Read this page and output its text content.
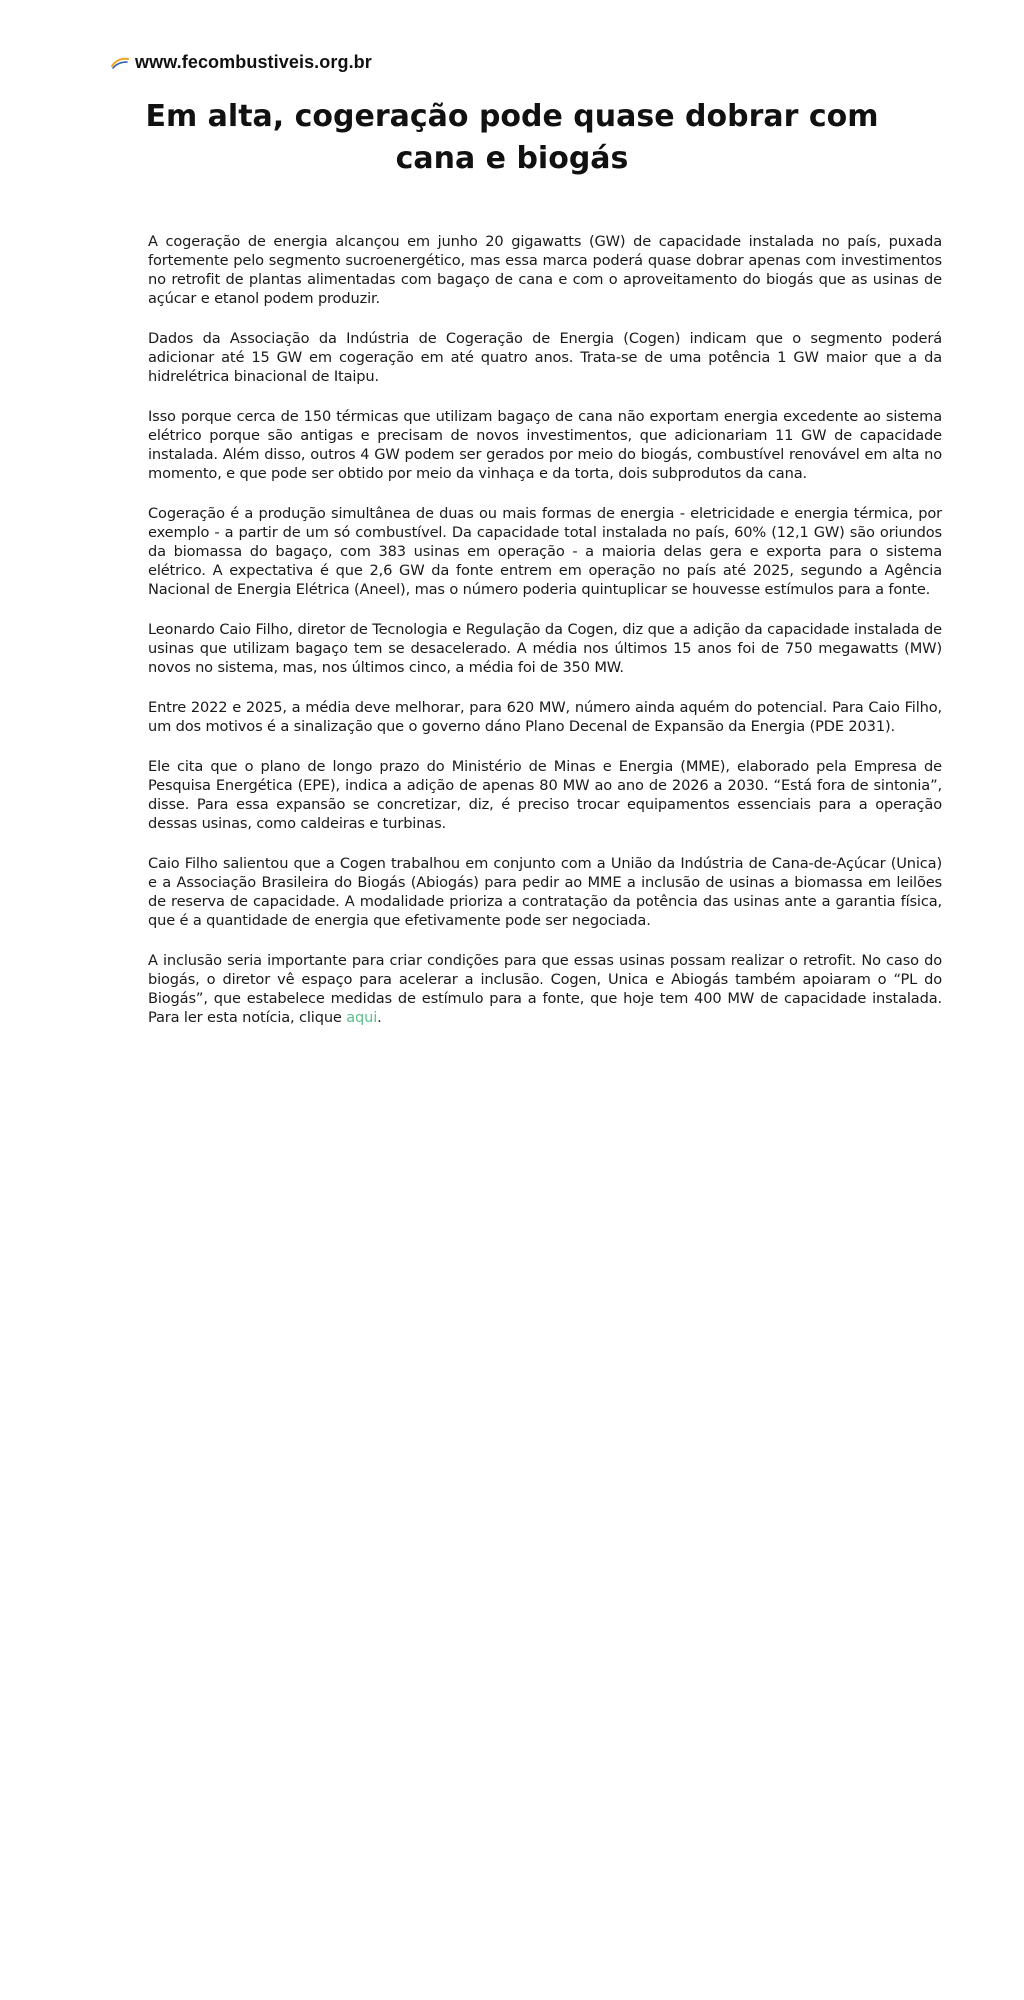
www.fecombustiveis.org.br
Em alta, cogeração pode quase dobrar com cana e biogás

A cogeração de energia alcançou em junho 20 gigawatts (GW) de capacidade instalada no país, puxada fortemente pelo segmento sucroenergético, mas essa marca poderá quase dobrar apenas com investimentos no retrofit de plantas alimentadas com bagaço de cana e com o aproveitamento do biogás que as usinas de açúcar e etanol podem produzir.

Dados da Associação da Indústria de Cogeração de Energia (Cogen) indicam que o segmento poderá adicionar até 15 GW em cogeração em até quatro anos. Trata-se de uma potência 1 GW maior que a da hidrelétrica binacional de Itaipu.

Isso porque cerca de 150 térmicas que utilizam bagaço de cana não exportam energia excedente ao sistema elétrico porque são antigas e precisam de novos investimentos, que adicionariam 11 GW de capacidade instalada. Além disso, outros 4 GW podem ser gerados por meio do biogás, combustível renovável em alta no momento, e que pode ser obtido por meio da vinhaça e da torta, dois subprodutos da cana.

Cogeração é a produção simultânea de duas ou mais formas de energia - eletricidade e energia térmica, por exemplo - a partir de um só combustível. Da capacidade total instalada no país, 60% (12,1 GW) são oriundos da biomassa do bagaço, com 383 usinas em operação - a maioria delas gera e exporta para o sistema elétrico. A expectativa é que 2,6 GW da fonte entrem em operação no país até 2025, segundo a Agência Nacional de Energia Elétrica (Aneel), mas o número poderia quintuplicar se houvesse estímulos para a fonte.

Leonardo Caio Filho, diretor de Tecnologia e Regulação da Cogen, diz que a adição da capacidade instalada de usinas que utilizam bagaço tem se desacelerado. A média nos últimos 15 anos foi de 750 megawatts (MW) novos no sistema, mas, nos últimos cinco, a média foi de 350 MW.

Entre 2022 e 2025, a média deve melhorar, para 620 MW, número ainda aquém do potencial. Para Caio Filho, um dos motivos é a sinalização que o governo dáno Plano Decenal de Expansão da Energia (PDE 2031).

Ele cita que o plano de longo prazo do Ministério de Minas e Energia (MME), elaborado pela Empresa de Pesquisa Energética (EPE), indica a adição de apenas 80 MW ao ano de 2026 a 2030. “Está fora de sintonia”, disse. Para essa expansão se concretizar, diz, é preciso trocar equipamentos essenciais para a operação dessas usinas, como caldeiras e turbinas.

Caio Filho salientou que a Cogen trabalhou em conjunto com a União da Indústria de Cana-de-Açúcar (Unica) e a Associação Brasileira do Biogás (Abiogás) para pedir ao MME a inclusão de usinas a biomassa em leilões de reserva de capacidade. A modalidade prioriza a contratação da potência das usinas ante a garantia física, que é a quantidade de energia que efetivamente pode ser negociada.

A inclusão seria importante para criar condições para que essas usinas possam realizar o retrofit. No caso do biogás, o diretor vê espaço para acelerar a inclusão. Cogen, Unica e Abiogás também apoiaram o “PL do Biogás”, que estabelece medidas de estímulo para a fonte, que hoje tem 400 MW de capacidade instalada. Para ler esta notícia, clique aqui.
